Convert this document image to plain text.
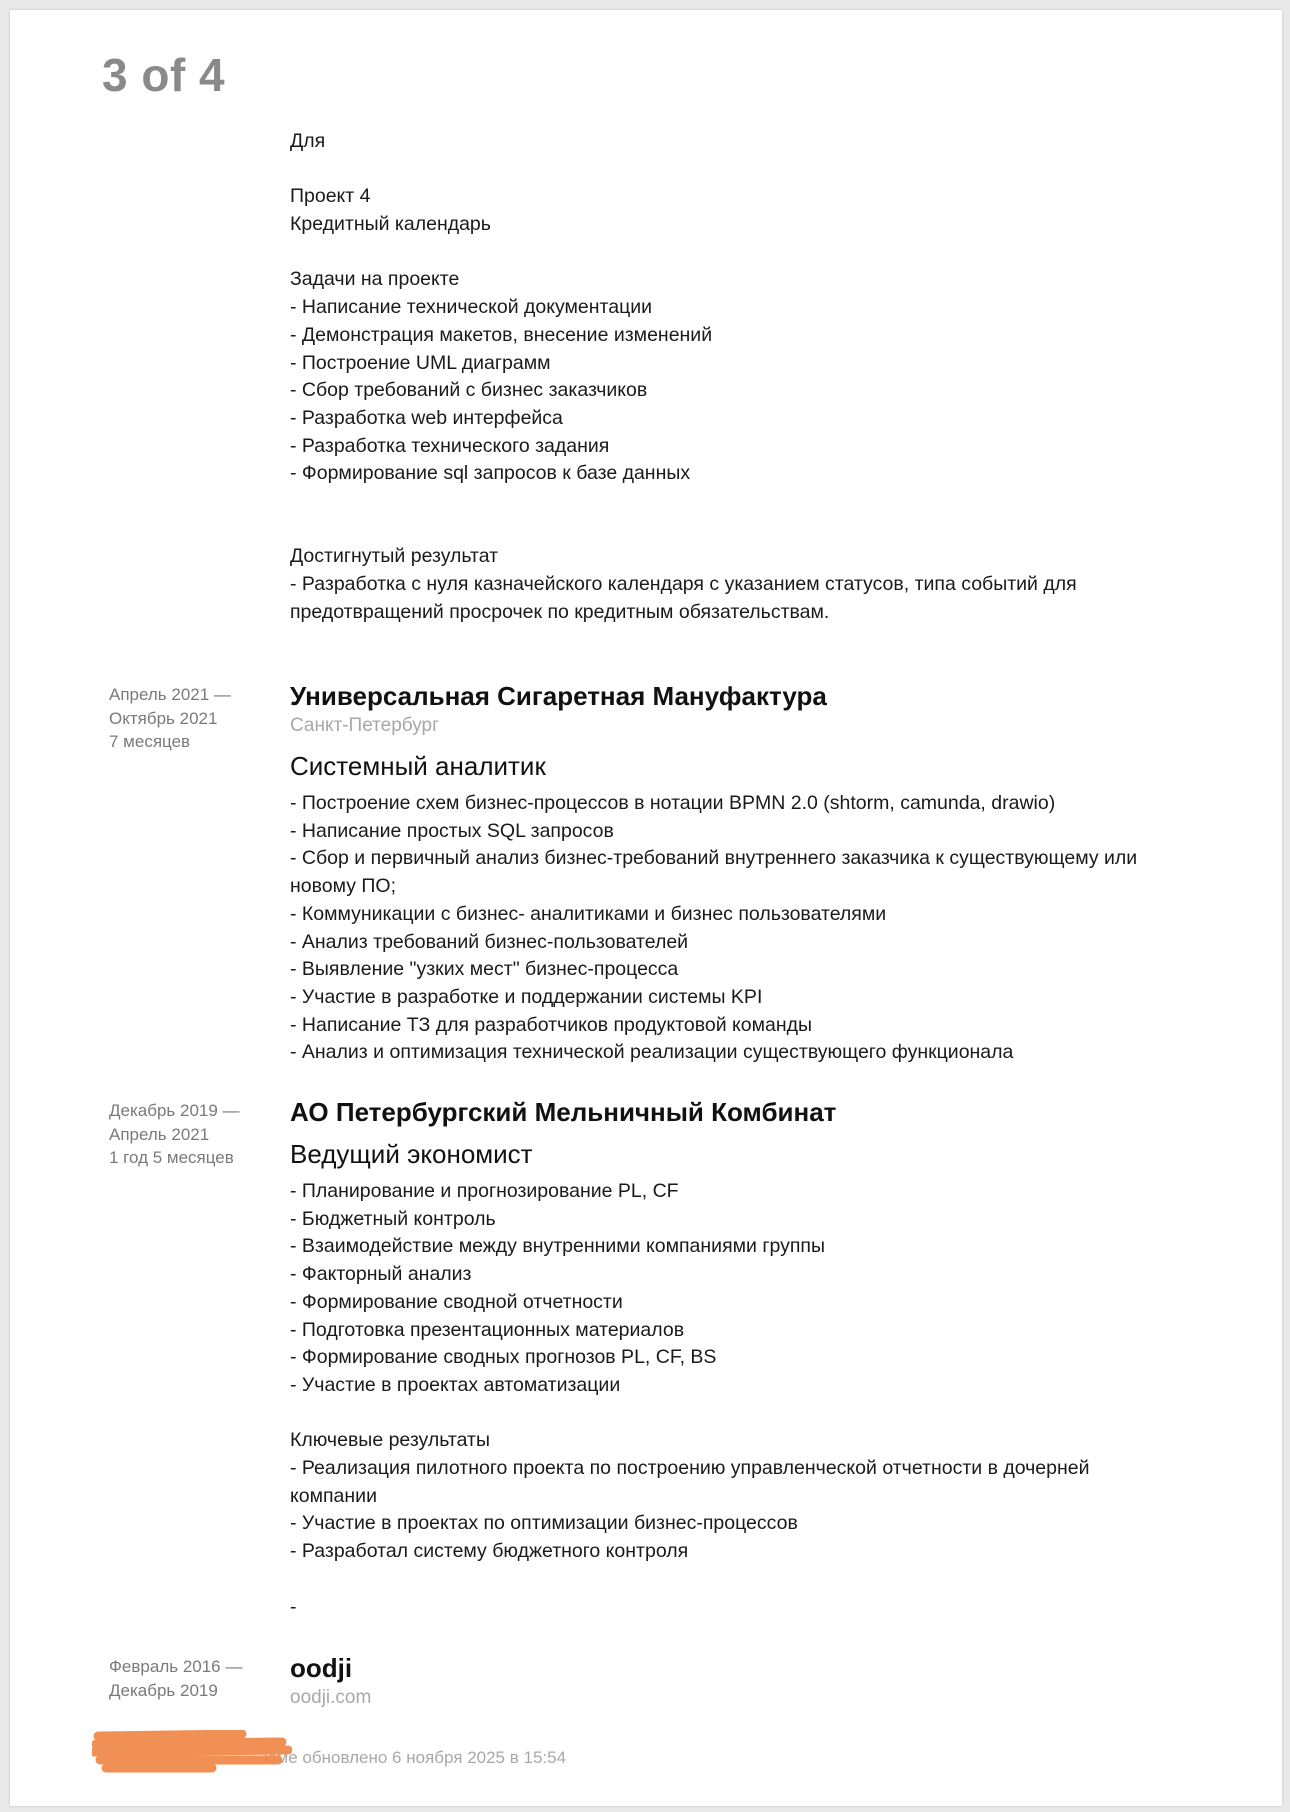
3 of 4
Для
Проект 4
Кредитный календарь
Задачи на проекте
- Написание технической документации
- Демонстрация макетов, внесение изменений
- Построение UML диаграмм
- Сбор требований с бизнес заказчиков
- Разработка web интерфейса
- Разработка технического задания
- Формирование sql запросов к базе данных
Достигнутый результат
- Разработка с нуля казначейского календаря с указанием статусов, типа событий для
предотвращений просрочек по кредитным обязательствам.
Апрель 2021 —
Октябрь 2021
7 месяцев
Универсальная Сигаретная Мануфактура
Санкт-Петербург
Системный аналитик
- Построение схем бизнес-процессов в нотации BPMN 2.0 (shtorm, camunda, drawio)
- Написание простых SQL запросов
- Сбор и первичный анализ бизнес-требований внутреннего заказчика к существующему или
новому ПО;
- Коммуникации с бизнес- аналитиками и бизнес пользователями
- Анализ требований бизнес-пользователей
- Выявление "узких мест" бизнес-процесса
- Участие в разработке и поддержании системы KPI
- Написание ТЗ для разработчиков продуктовой команды
- Анализ и оптимизация технической реализации существующего функционала
Декабрь 2019 —
Апрель 2021
1 год 5 месяцев
АО Петербургский Мельничный Комбинат
Ведущий экономист
- Планирование и прогнозирование PL, CF
- Бюджетный контроль
- Взаимодействие между внутренними компаниями группы
- Факторный анализ
- Формирование сводной отчетности
- Подготовка презентационных материалов
- Формирование сводных прогнозов PL, CF, BS
- Участие в проектах автоматизации
Ключевые результаты
- Реализация пилотного проекта по построению управленческой отчетности в дочерней
компании
- Участие в проектах по оптимизации бизнес-процессов
- Разработал систему бюджетного контроля
-
Февраль 2016 —
Декабрь 2019
oodji
oodji.com
юме обновлено 6 ноября 2025 в 15:54
